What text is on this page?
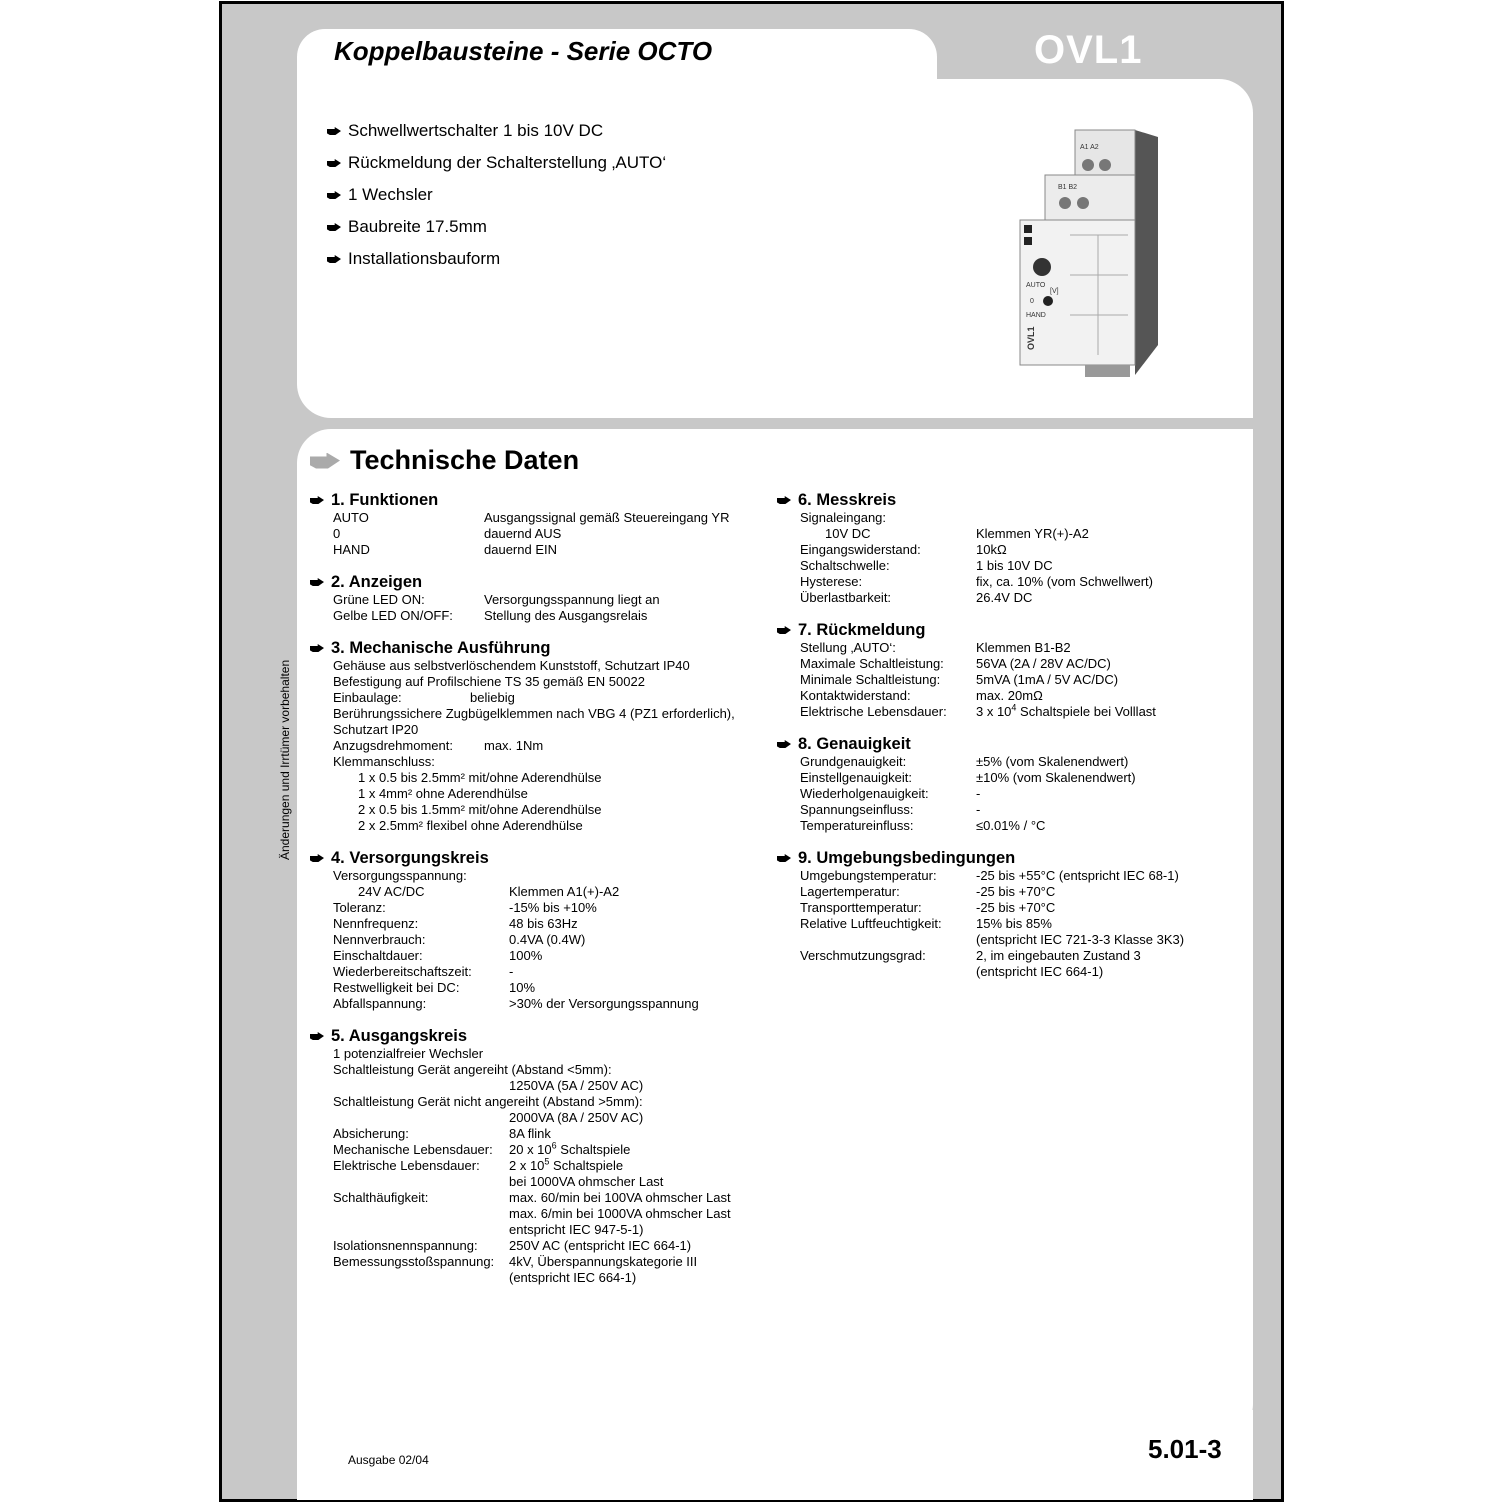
Koppelbausteine - Serie OCTO	OVL1
Schwellwertschalter 1 bis 10V DC
Rückmeldung der Schalterstellung ‚AUTO‘
1 Wechsler
Baubreite 17.5mm
Installationsbauform
A1 A2
B1 B2
[V]
AUTO
0
HAND
OVL1
Technische Daten
1. Funktionen
AUTO	Ausgangssignal gemäß Steuereingang YR
0	dauernd AUS
HAND	dauernd EIN
2. Anzeigen
Grüne LED ON:	Versorgungsspannung liegt an
Gelbe LED ON/OFF:	Stellung des Ausgangsrelais
3. Mechanische Ausführung
Gehäuse aus selbstverlöschendem Kunststoff, Schutzart IP40
Befestigung auf Profilschiene TS 35 gemäß EN 50022
Einbaulage:	beliebig
Berührungssichere Zugbügelklemmen nach VBG 4 (PZ1 erforderlich),
Schutzart IP20
Anzugsdrehmoment:	max. 1Nm
Klemmanschluss:
1 x 0.5 bis 2.5mm² mit/ohne Aderendhülse
1 x 4mm² ohne Aderendhülse
2 x 0.5 bis 1.5mm² mit/ohne Aderendhülse
2 x 2.5mm² flexibel ohne Aderendhülse
4. Versorgungskreis
Versorgungsspannung:
24V AC/DC	Klemmen A1(+)-A2
Toleranz:	-15% bis +10%
Nennfrequenz:	48 bis 63Hz
Nennverbrauch:	0.4VA (0.4W)
Einschaltdauer:	100%
Wiederbereitschaftszeit:	-
Restwelligkeit bei DC:	10%
Abfallspannung:	>30% der Versorgungsspannung
5. Ausgangskreis
1 potenzialfreier Wechsler
Schaltleistung Gerät angereiht (Abstand <5mm):
1250VA (5A / 250V AC)
Schaltleistung Gerät nicht angereiht (Abstand >5mm):
2000VA (8A / 250V AC)
Absicherung:	8A flink
Mechanische Lebensdauer:	20 x $10^6$ Schaltspiele
Elektrische Lebensdauer:	2 x $10^5$ Schaltspiele
bei 1000VA ohmscher Last
Schalthäufigkeit:	max. 60/min bei 100VA ohmscher Last
max. 6/min bei 1000VA ohmscher Last
entspricht IEC 947-5-1)
Isolationsnennspannung:	250V AC (entspricht IEC 664-1)
Bemessungsstoßspannung:	4kV, Überspannungskategorie III
(entspricht IEC 664-1)
6. Messkreis
Signaleingang:
10V DC	Klemmen YR(+)-A2
Eingangswiderstand:	10kΩ
Schaltschwelle:	1 bis 10V DC
Hysterese:	fix, ca. 10% (vom Schwellwert)
Überlastbarkeit:	26.4V DC
7. Rückmeldung
Stellung ‚AUTO‘:	Klemmen B1-B2
Maximale Schaltleistung:	56VA (2A / 28V AC/DC)
Minimale Schaltleistung:	5mVA (1mA / 5V AC/DC)
Kontaktwiderstand:	max. 20mΩ
Elektrische Lebensdauer:	3 x $10^4$ Schaltspiele bei Volllast
8. Genauigkeit
Grundgenauigkeit:	±5% (vom Skalenendwert)
Einstellgenauigkeit:	±10% (vom Skalenendwert)
Wiederholgenauigkeit:	-
Spannungseinfluss:	-
Temperatureinfluss:	≤0.01% / °C
9. Umgebungsbedingungen
Umgebungstemperatur:	-25 bis +55°C (entspricht IEC 68-1)
Lagertemperatur:	-25 bis +70°C
Transporttemperatur:	-25 bis +70°C
Relative Luftfeuchtigkeit:	15% bis 85%
(entspricht IEC 721-3-3 Klasse 3K3)
Verschmutzungsgrad:	2, im eingebauten Zustand 3
(entspricht IEC 664-1)
Änderungen und Irrtümer vorbehalten
Ausgabe 02/04	5.01-3
